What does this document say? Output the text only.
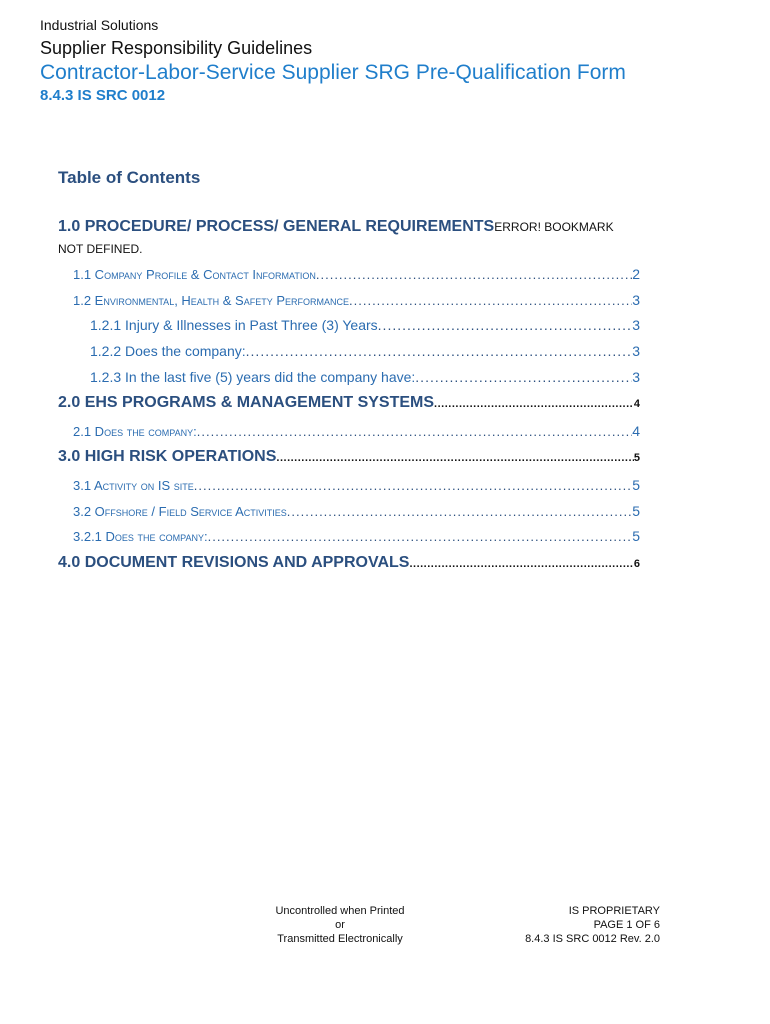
Industrial Solutions
Supplier Responsibility Guidelines
Contractor-Labor-Service Supplier SRG Pre-Qualification Form
8.4.3 IS SRC 0012
Table of Contents
1.0 PROCEDURE/ PROCESS/ GENERAL REQUIREMENTS ERROR! BOOKMARK
1.1 Company Profile & Contact Information .....	2
1.2 Environmental, Health & Safety Performance .....	3
1.2.1 Injury & Illnesses in Past Three (3) Years .....	3
1.2.2 Does the company: .....	3
1.2.3 In the last five (5) years did the company have: .....	3
2.0 EHS PROGRAMS & MANAGEMENT SYSTEMS .....	4
2.1 Does the company: .....	4
3.0 HIGH RISK OPERATIONS .....	5
3.1 Activity on IS site .....	5
3.2 Offshore / Field Service Activities .....	5
3.2.1 Does the company: .....	5
4.0 DOCUMENT REVISIONS AND APPROVALS .....	6
NOT DEFINED.
Uncontrolled when Printed
or
Transmitted Electronically
IS PROPRIETARY
PAGE 1 OF 6
8.4.3 IS SRC 0012 Rev. 2.0
